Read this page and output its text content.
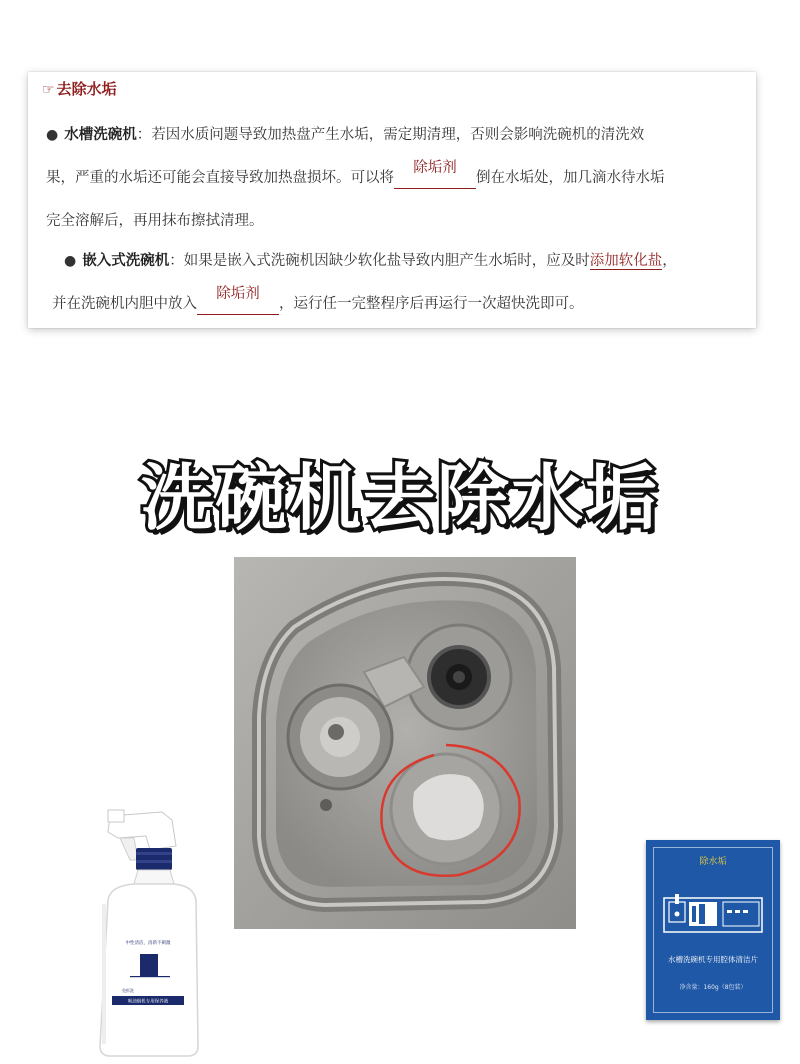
☞ 去除水垢
● 水槽洗碗机：若因水质问题导致加热盘产生水垢，需定期清理，否则会影响洗碗机的清洗效
果，严重的水垢还可能会直接导致加热盘损坏。可以将除垢剂倒在水垢处，加几滴水待水垢
完全溶解后，再用抹布擦拭清理。
● 嵌入式洗碗机：如果是嵌入式洗碗机因缺少软化盐导致内胆产生水垢时，应及时添加软化盐，
并在洗碗机内胆中放入除垢剂，运行任一完整程序后再运行一次超快洗即可。
洗碗机去除水垢
中性清洁，清新不刺激
免拆洗
吸油烟机专用保养液
除水垢
水槽洗碗机专用腔体清洁片
净含量：160g（8包装）
